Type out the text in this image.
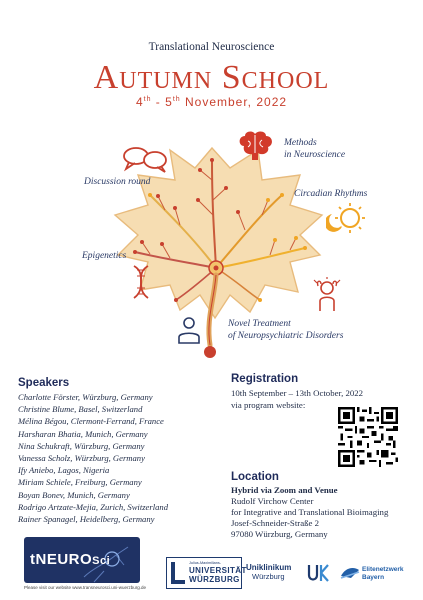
Translational Neuroscience
AUTUMN SCHOOL
4th - 5th November, 2022
Methods
in Neuroscience
Discussion round
Circadian Rhythms
Epigenetics
Novel Treatment
of Neuropsychiatric Disorders
Speakers
Charlotte Förster, Würzburg, Germany
Christine Blume, Basel, Switzerland
Mélina Bégou, Clermont-Ferrand, France
Harsharan Bhatia, Munich, Germany
Nina Schukraft, Würzburg, Germany
Vanessa Scholz, Würzburg, Germany
Ify Aniebo, Lagos, Nigeria
Miriam Schiele, Freiburg, Germany
Boyan Bonev, Munich, Germany
Rodrigo Artzate-Mejia, Zurich, Switzerland
Rainer Spanagel, Heidelberg, Germany
Registration

10th September – 13th October, 2022

via program website:

Location

Hybrid via Zoom and Venue

Rudolf Virchow Center

for Integrative and Translational Bioimaging

Josef-Schneider-Straße 2

97080 Würzburg, Germany

tNEUROSci
Please visit our website www.transneurosci.uni-wuerzburg.de
Julius-Maximilians-
UNIVERSITÄT
WÜRZBURG
Uniklinikum
Würzburg
Elitenetzwerk
Bayern
